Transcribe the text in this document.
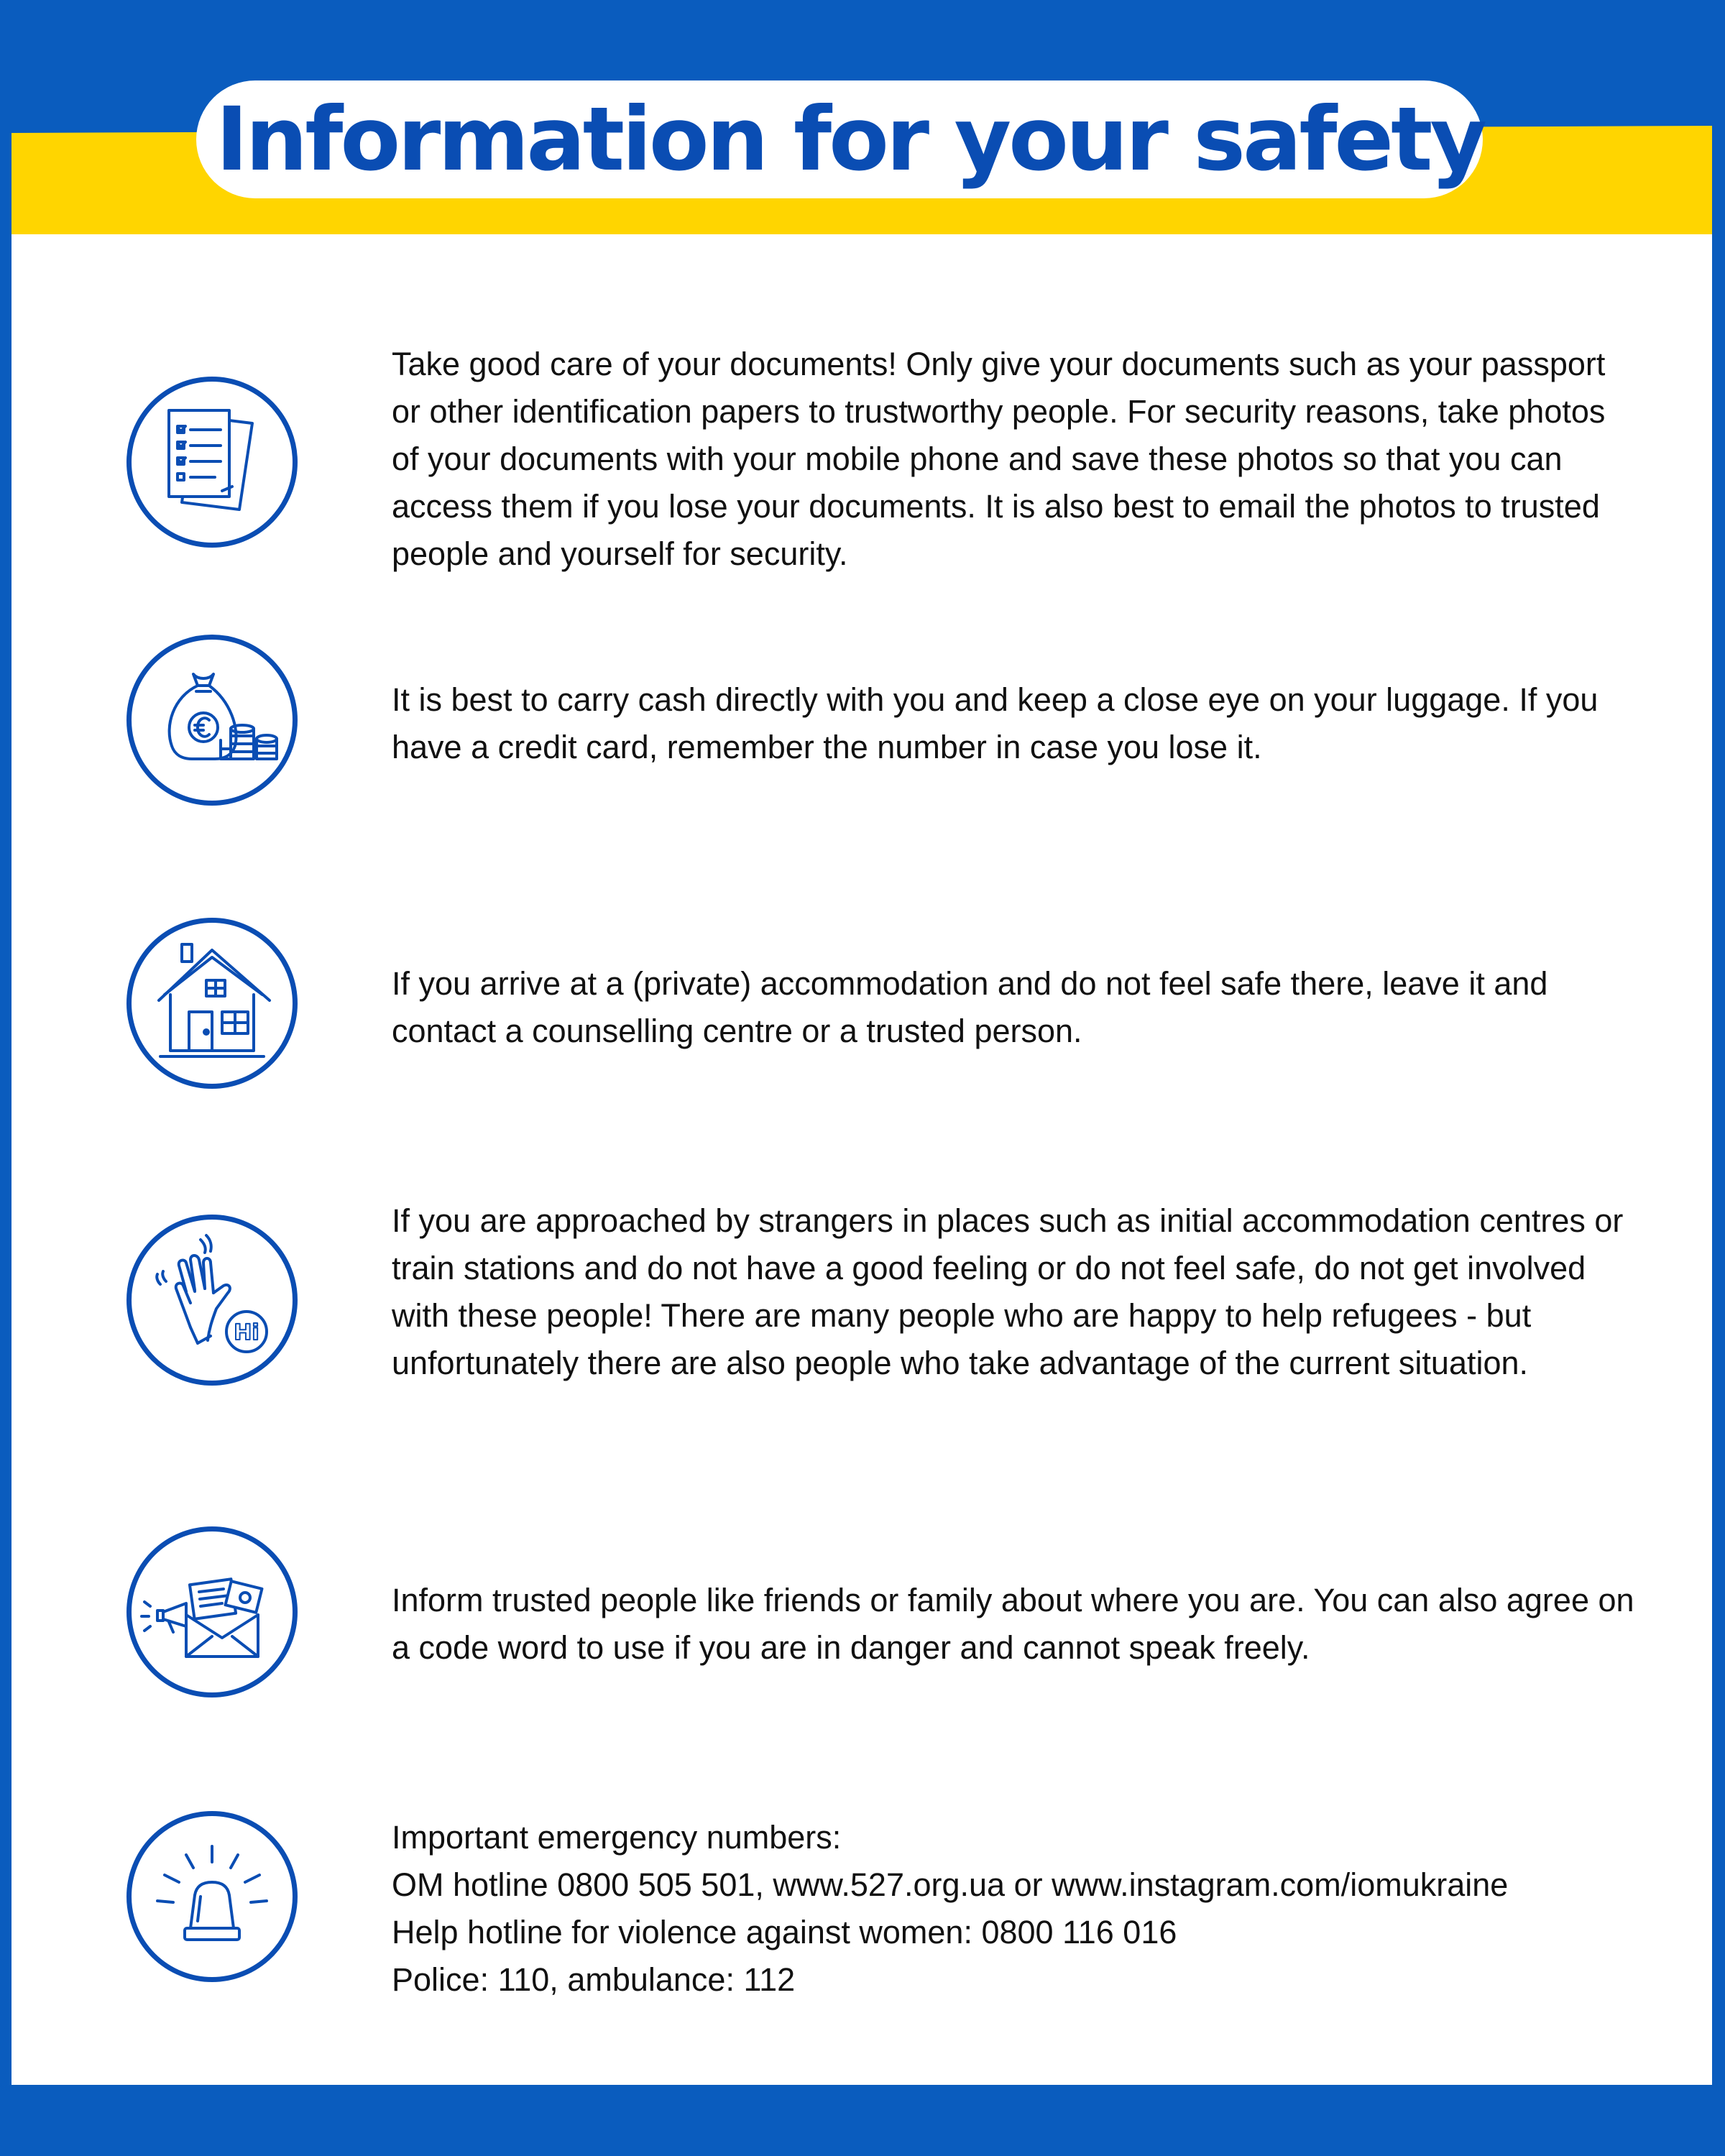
Information for your safety
Take good care of your documents! Only give your documents such as your passport or other identification papers to trustworthy people. For security reasons, take photos of your documents with your mobile phone and save these photos so that you can access them if you lose your documents. It is also best to email the photos to trusted people and yourself for security.
It is best to carry cash directly with you and keep a close eye on your luggage. If you have a credit card, remember the number in case you lose it.
If you arrive at a (private) accommodation and do not feel safe there, leave it and contact a counselling centre or a trusted person.
Hi
If you are approached by strangers in places such as initial accommodation centres or train stations and do not have a good feeling or do not feel safe, do not get involved with these people! There are many people who are happy to help refugees - but unfortunately there are also people who take advantage of the current situation.
Inform trusted people like friends or family about where you are. You can also agree on a code word to use if you are in danger and cannot speak freely.
Important emergency numbers:
OM hotline 0800 505 501, www.527.org.ua or www.instagram.com/iomukraine
Help hotline for violence against women: 0800 116 016
Police: 110, ambulance: 112
